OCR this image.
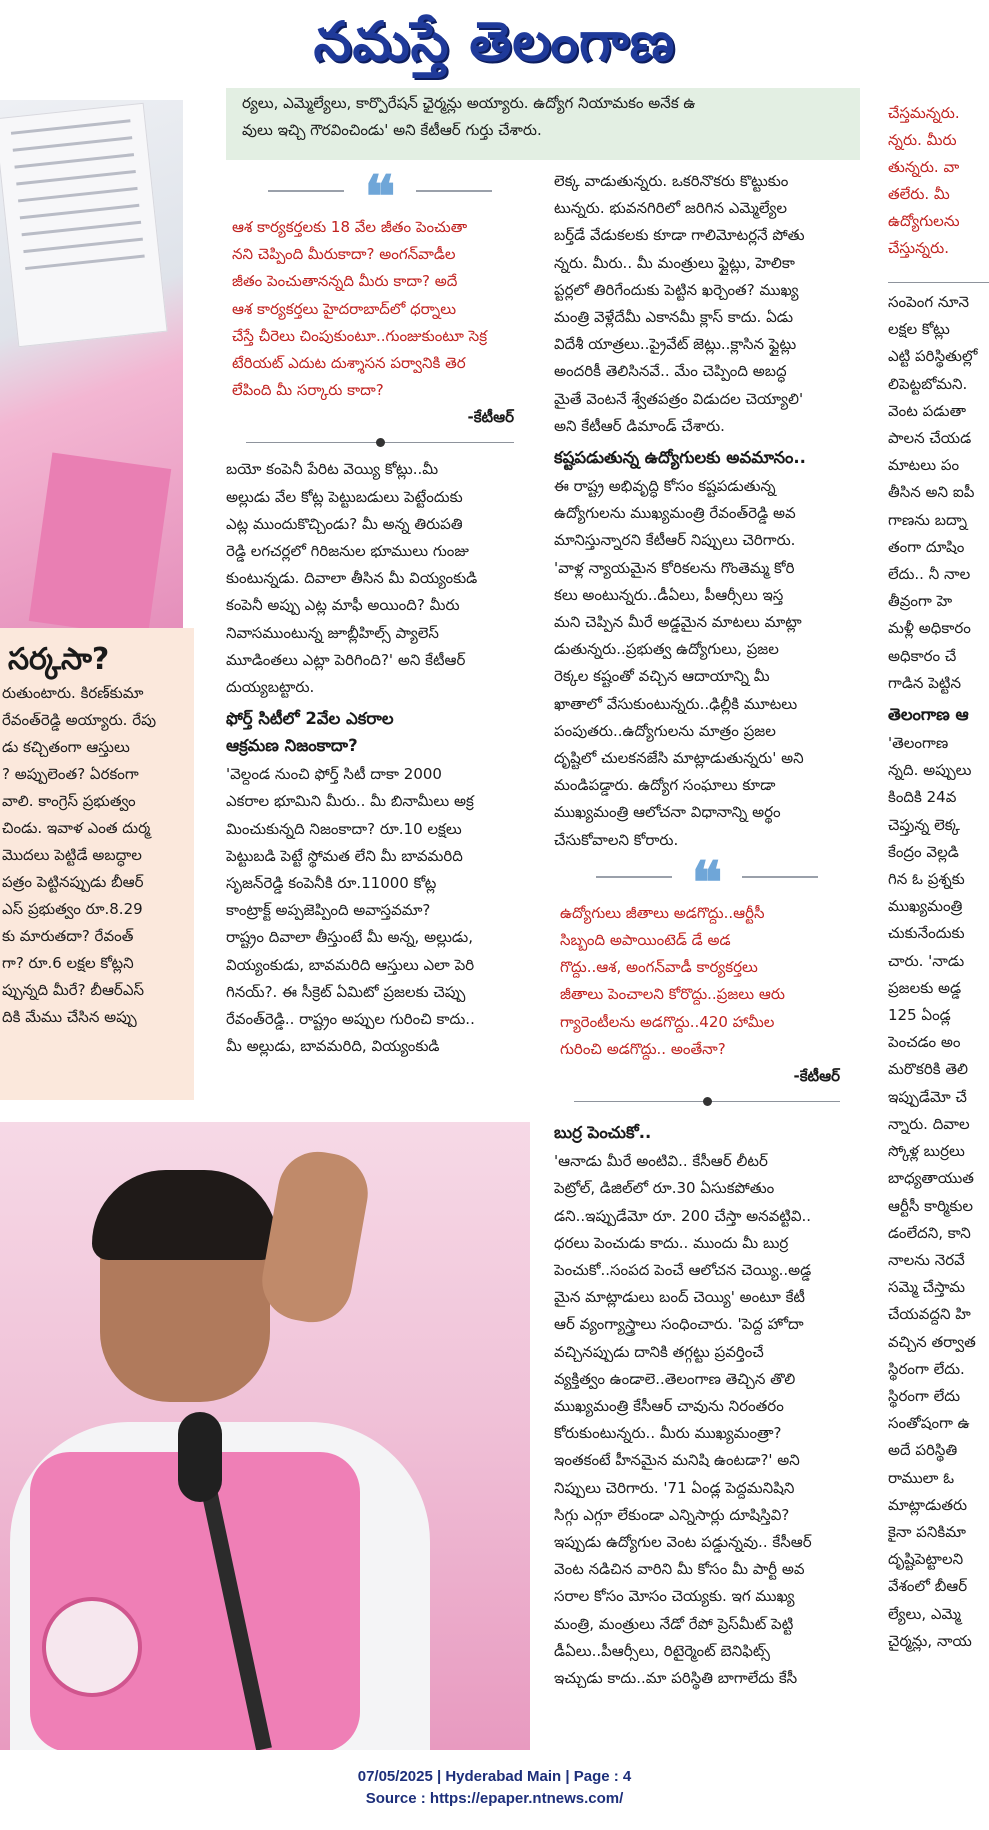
నమస్తే తెలంగాణ

ర్యలు, ఎమ్మెల్యేలు, కార్పొరేషన్ ఛైర్మన్లు అయ్యారు. ఉద్యోగ నియామకం అనేక ఉ
వులు ఇచ్చి గౌరవించిండు' అని కేటీఆర్ గుర్తు చేశారు.

సర్కసా?

రుతుంటారు. కిరణ్‌కుమా
రేవంత్‌రెడ్డి అయ్యారు. రేపు
డు కచ్చితంగా ఆస్తులు
? అప్పులెంత? ఏరకంగా
వాలి. కాంగ్రెస్ ప్రభుత్వం
చిండు. ఇవాళ ఎంత దుర్మ
మొదలు పెట్టిడే అబద్ధాల
పత్రం పెట్టినప్పుడు బీఆర్
ఎస్ ప్రభుత్వం రూ.8.29
కు మారుతదా? రేవంత్
గా? రూ.6 లక్షల కోట్లని
ప్పున్నది మీరే? బీఆర్ఎస్
దికి మేము చేసిన అప్పు

❝
ఆశ కార్యకర్తలకు 18 వేల జీతం పెంచుతా
నని చెప్పింది మీరుకాదా? అంగన్‌వాడీల
జీతం పెంచుతానన్నది మీరు కాదా? అదే
ఆశ కార్యకర్తలు హైదరాబాద్‌లో ధర్నాలు
చేస్తే చీరెలు చింపుకుంటూ..గుంజుకుంటూ సెక్ర
టేరియట్ ఎదుట దుశ్శాసన పర్వానికి తెర
లేపింది మీ సర్కారు కాదా?
-కేటీఆర్

బయో కంపెనీ పేరిట వెయ్యి కోట్లు..మీ
అల్లుడు వేల కోట్ల పెట్టుబడులు పెట్టేందుకు
ఎట్ల ముందుకొచ్చిండు? మీ అన్న తిరుపతి
రెడ్డి లగచర్లలో గిరిజనుల భూములు గుంజు
కుంటున్నడు. దివాలా తీసిన మీ వియ్యంకుడి
కంపెనీ అప్పు ఎట్ల మాఫీ అయింది? మీరు
నివాసముంటున్న జూబ్లీహిల్స్ ప్యాలెస్
మూడింతలు ఎట్లా పెరిగింది?' అని కేటీఆర్
దుయ్యబట్టారు.

ఫోర్త్ సిటీలో 2వేల ఎకరాల
ఆక్రమణ నిజంకాదా?

'వెల్దండ నుంచి ఫోర్త్ సిటీ దాకా 2000
ఎకరాల భూమిని మీరు.. మీ బినామీలు అక్ర
మించుకున్నది నిజంకాదా? రూ.10 లక్షలు
పెట్టుబడి పెట్టే స్థోమత లేని మీ బావమరిది
సృజన్‌రెడ్డి కంపెనీకి రూ.11000 కోట్ల
కాంట్రాక్ట్ అప్పజెప్పింది అవాస్తవమా?
రాష్ట్రం దివాలా తీస్తుంటే మీ అన్న, అల్లుడు,
వియ్యంకుడు, బావమరిది ఆస్తులు ఎలా పెరి
గినయ్?. ఈ సీక్రెట్ ఏమిటో ప్రజలకు చెప్పు
రేవంత్‌రెడ్డి.. రాష్ట్రం అప్పుల గురించి కాదు..
మీ అల్లుడు, బావమరిది, వియ్యంకుడి

లెక్క వాడుతున్నరు. ఒకరినొకరు కొట్టుకుం
టున్నరు. భువనగిరిలో జరిగిన ఎమ్మెల్యేల
బర్త్‌డే వేడుకలకు కూడా గాలిమోటర్లనే పోతు
న్నరు. మీరు.. మీ మంత్రులు ఫ్లైట్లు, హెలికా
ప్టర్లలో తిరిగేందుకు పెట్టిన ఖర్చెంత? ముఖ్య
మంత్రి వెళ్లేదేమీ ఎకానమీ క్లాస్ కాదు. ఏడు
విదేశీ యాత్రలు..ప్రైవేట్ జెట్లు..క్లాసిన ఫ్లైట్లు
అందరికీ తెలిసినవే.. మేం చెప్పింది అబద్ధ
మైతే వెంటనే శ్వేతపత్రం విడుదల చెయ్యాలి'
అని కేటీఆర్ డిమాండ్ చేశారు.

కష్టపడుతున్న ఉద్యోగులకు అవమానం..

ఈ రాష్ట్ర అభివృద్ధి కోసం కష్టపడుతున్న
ఉద్యోగులను ముఖ్యమంత్రి రేవంత్‌రెడ్డి అవ
మానిస్తున్నారని కేటీఆర్ నిప్పులు చెరిగారు.
'వాళ్ల న్యాయమైన కోరికలను గొంతెమ్మ కోరి
కలు అంటున్నరు..డీఏలు, పీఆర్సీలు ఇస్త
మని చెప్పిన మీరే అడ్డమైన మాటలు మాట్లా
డుతున్నరు..ప్రభుత్వ ఉద్యోగులు, ప్రజల
రెక్కల కష్టంతో వచ్చిన ఆదాయాన్ని మీ
ఖాతాలో వేసుకుంటున్నరు..ఢిల్లీకి మూటలు
పంపుతరు..ఉద్యోగులను మాత్రం ప్రజల
దృష్టిలో చులకనజేసి మాట్లాడుతున్నరు' అని
మండిపడ్డారు. ఉద్యోగ సంఘాలు కూడా
ముఖ్యమంత్రి ఆలోచనా విధానాన్ని అర్థం
చేసుకోవాలని కోరారు.

❝
ఉద్యోగులు జీతాలు అడగొద్దు..ఆర్టీసీ
సిబ్బంది అపాయింటెడ్ డే అడ
గొద్దు..ఆశ, అంగన్‌వాడీ కార్యకర్తలు
జీతాలు పెంచాలని కోరొద్దు..ప్రజలు ఆరు
గ్యారెంటీలను అడగొద్దు..420 హామీల
గురించి అడగొద్దు.. అంతేనా?
-కేటీఆర్
బుర్ర పెంచుకో..

'ఆనాడు మీరే అంటివి.. కేసీఆర్ లీటర్
పెట్రోల్, డిజిల్‌లో రూ.30 ఏసుకపోతుం
డని..ఇప్పుడేమో రూ. 200 చేస్తా అనవట్టివి..
ధరలు పెంచుడు కాదు.. ముందు మీ బుర్ర
పెంచుకో..సంపద పెంచే ఆలోచన చెయ్యి..అడ్డ
మైన మాట్లాడులు బంద్ చెయ్యి' అంటూ కేటీ
ఆర్ వ్యంగ్యాస్త్రాలు సంధించారు. 'పెద్ద హోదా
వచ్చినప్పుడు దానికి తగ్గట్టు ప్రవర్తించే
వ్యక్తిత్వం ఉండాలె..తెలంగాణ తెచ్చిన తొలి
ముఖ్యమంత్రి కేసీఆర్ చావును నిరంతరం
కోరుకుంటున్నరు.. మీరు ముఖ్యమంత్రా?
ఇంతకంటే హీనమైన మనిషి ఉంటడా?' అని
నిప్పులు చెరిగారు. '71 ఏండ్ల పెద్దమనిషిని
సిగ్గు ఎగ్గూ లేకుండా ఎన్నిసార్లు దూషిస్తివి?
ఇప్పుడు ఉద్యోగుల వెంట పడ్డున్నవు.. కేసీఆర్
వెంట నడిచిన వారిని మీ కోసం మీ పార్టీ అవ
సరాల కోసం మోసం చెయ్యకు. ఇగ ముఖ్య
మంత్రి, మంత్రులు నేడో రేపో ప్రెస్‌మీట్ పెట్టి
డీఏలు..పీఆర్సీలు, రిటైర్మెంట్ బెనిఫిట్స్
ఇచ్చుడు కాదు..మా పరిస్థితి బాగాలేదు కేసీ

చేస్తమన్నరు.
న్నరు. మీరు
తున్నరు. వా
తలేరు. మీ
ఉద్యోగులను
చేస్తున్నరు.

సంపెంగ నూనె
లక్షల కోట్లు
ఎట్టి పరిస్థితుల్లో
లిపెట్టబోమని.
వెంట పడుతా
పాలన చేయడ
మాటలు పం
తీసిన అని ఐపీ
గాణను బద్నా
తంగా దూషిం
లేదు.. నీ నాల
తీవ్రంగా హె
మళ్లీ అధికారం
అధికారం చే
గాడిన పెట్టిన

తెలంగాణ ఆ

'తెలంగాణ
న్నది. అప్పులు
కిందికి 24వ
చెప్తున్న లెక్క
కేంద్రం వెల్లడి
గిన ఓ ప్రశ్నకు
ముఖ్యమంత్రి
చుకునేందుకు
చారు. 'నాడు
ప్రజలకు అడ్డ
125 ఏండ్ల
పెంచడం అం
మరొకరికి తెలి
ఇప్పుడేమో చే
న్నారు. దివాల
స్కోళ్ల బుర్రలు
బాధ్యతాయుత
ఆర్టీసీ కార్మికుల
డంలేదని, కాని
నాలను నెరవే
సమ్మె చేస్తామ
చేయవద్దని హి
వచ్చిన తర్వాత
స్థిరంగా లేదు.
స్థిరంగా లేదు
సంతోషంగా ఉ
అదే పరిస్థితి
రాములా ఓ
మాట్లాడుతరు
కైనా పనికిమా
దృష్టిపెట్టాలని
వేశంలో బీఆర్
ల్యేలు, ఎమ్మె
చైర్మన్లు, నాయ

07/05/2025 | Hyderabad Main | Page : 4
Source : https://epaper.ntnews.com/
